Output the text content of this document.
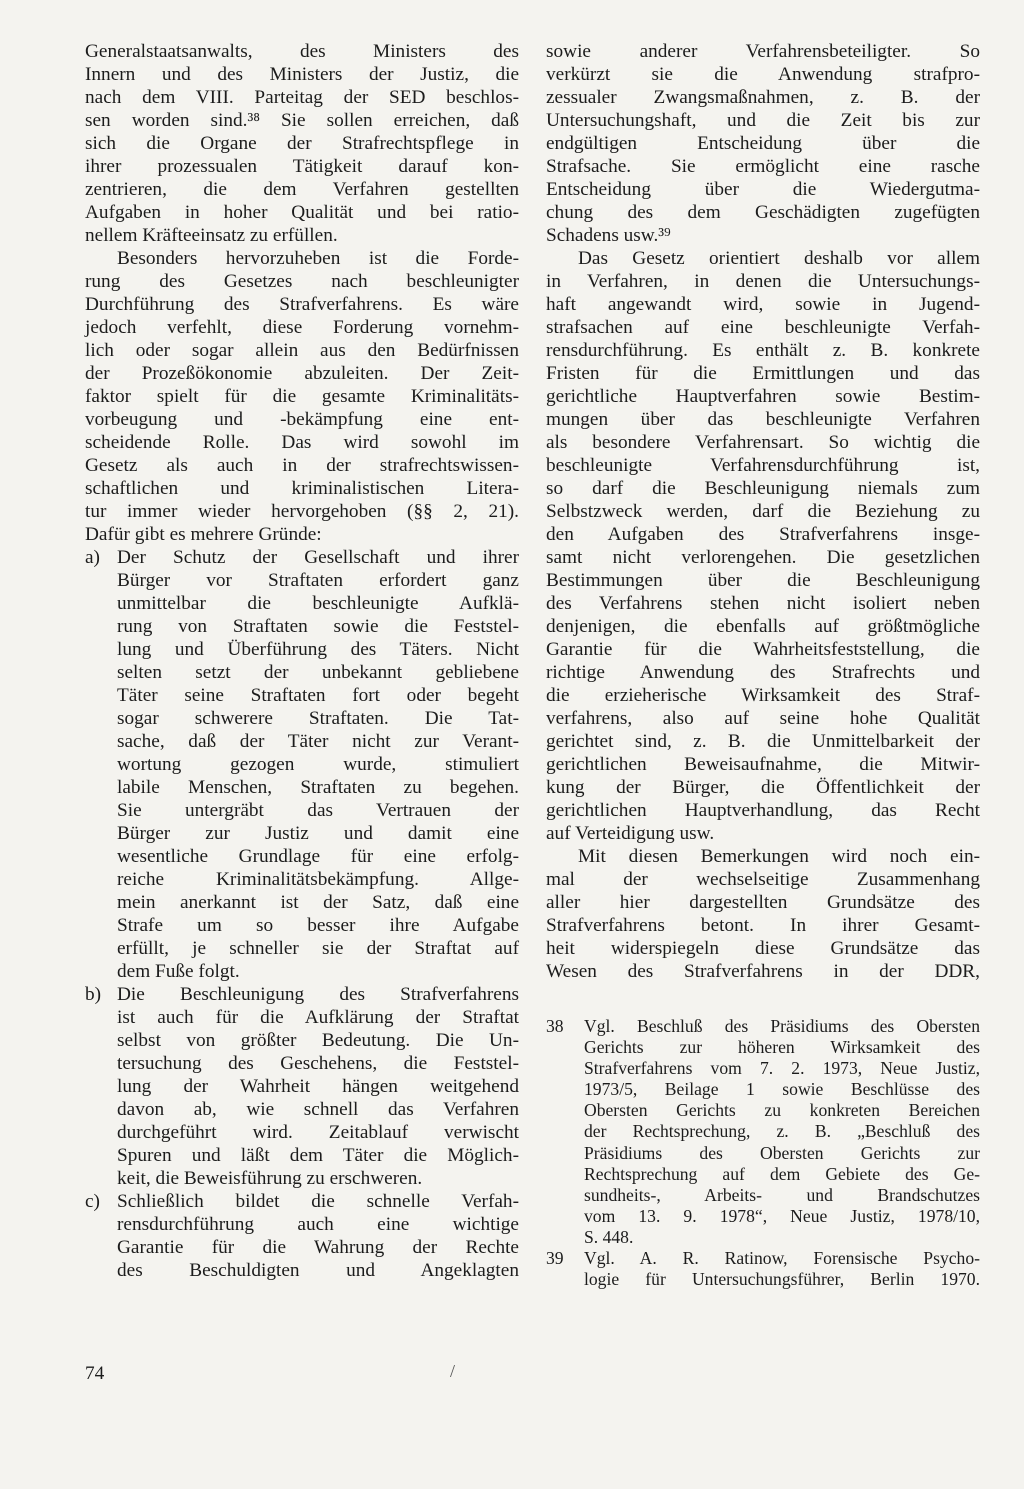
Generalstaatsanwalts, des Ministers des
Innern und des Ministers der Justiz, die
nach dem VIII. Parteitag der SED beschlos-
sen worden sind.³⁸ Sie sollen erreichen, daß
sich die Organe der Strafrechtspflege in
ihrer prozessualen Tätigkeit darauf kon-
zentrieren, die dem Verfahren gestellten
Aufgaben in hoher Qualität und bei ratio-
nellem Kräfteeinsatz zu erfüllen.
Besonders hervorzuheben ist die Forde-
rung des Gesetzes nach beschleunigter
Durchführung des Strafverfahrens. Es wäre
jedoch verfehlt, diese Forderung vornehm-
lich oder sogar allein aus den Bedürfnissen
der Prozeßökonomie abzuleiten. Der Zeit-
faktor spielt für die gesamte Kriminalitäts-
vorbeugung und -bekämpfung eine ent-
scheidende Rolle. Das wird sowohl im
Gesetz als auch in der strafrechtswissen-
schaftlichen und kriminalistischen Litera-
tur immer wieder hervorgehoben (§§ 2, 21).
Dafür gibt es mehrere Gründe:
a) Der Schutz der Gesellschaft und ihrer
Bürger vor Straftaten erfordert ganz
unmittelbar die beschleunigte Aufklä-
rung von Straftaten sowie die Feststel-
lung und Überführung des Täters. Nicht
selten setzt der unbekannt gebliebene
Täter seine Straftaten fort oder begeht
sogar schwerere Straftaten. Die Tat-
sache, daß der Täter nicht zur Verant-
wortung gezogen wurde, stimuliert
labile Menschen, Straftaten zu begehen.
Sie untergräbt das Vertrauen der
Bürger zur Justiz und damit eine
wesentliche Grundlage für eine erfolg-
reiche Kriminalitätsbekämpfung. Allge-
mein anerkannt ist der Satz, daß eine
Strafe um so besser ihre Aufgabe
erfüllt, je schneller sie der Straftat auf
dem Fuße folgt.
b) Die Beschleunigung des Strafverfahrens
ist auch für die Aufklärung der Straftat
selbst von größter Bedeutung. Die Un-
tersuchung des Geschehens, die Feststel-
lung der Wahrheit hängen weitgehend
davon ab, wie schnell das Verfahren
durchgeführt wird. Zeitablauf verwischt
Spuren und läßt dem Täter die Möglich-
keit, die Beweisführung zu erschweren.
c) Schließlich bildet die schnelle Verfah-
rensdurchführung auch eine wichtige
Garantie für die Wahrung der Rechte
des Beschuldigten und Angeklagten
sowie anderer Verfahrensbeteiligter. So
verkürzt sie die Anwendung strafpro-
zessualer Zwangsmaßnahmen, z. B. der
Untersuchungshaft, und die Zeit bis zur
endgültigen Entscheidung über die
Strafsache. Sie ermöglicht eine rasche
Entscheidung über die Wiedergutma-
chung des dem Geschädigten zugefügten
Schadens usw.³⁹
Das Gesetz orientiert deshalb vor allem
in Verfahren, in denen die Untersuchungs-
haft angewandt wird, sowie in Jugend-
strafsachen auf eine beschleunigte Verfah-
rensdurchführung. Es enthält z. B. konkrete
Fristen für die Ermittlungen und das
gerichtliche Hauptverfahren sowie Bestim-
mungen über das beschleunigte Verfahren
als besondere Verfahrensart. So wichtig die
beschleunigte Verfahrensdurchführung ist,
so darf die Beschleunigung niemals zum
Selbstzweck werden, darf die Beziehung zu
den Aufgaben des Strafverfahrens insge-
samt nicht verlorengehen. Die gesetzlichen
Bestimmungen über die Beschleunigung
des Verfahrens stehen nicht isoliert neben
denjenigen, die ebenfalls auf größtmögliche
Garantie für die Wahrheitsfeststellung, die
richtige Anwendung des Strafrechts und
die erzieherische Wirksamkeit des Straf-
verfahrens, also auf seine hohe Qualität
gerichtet sind, z. B. die Unmittelbarkeit der
gerichtlichen Beweisaufnahme, die Mitwir-
kung der Bürger, die Öffentlichkeit der
gerichtlichen Hauptverhandlung, das Recht
auf Verteidigung usw.
Mit diesen Bemerkungen wird noch ein-
mal der wechselseitige Zusammenhang
aller hier dargestellten Grundsätze des
Strafverfahrens betont. In ihrer Gesamt-
heit widerspiegeln diese Grundsätze das
Wesen des Strafverfahrens in der DDR,
38 Vgl. Beschluß des Präsidiums des Obersten
Gerichts zur höheren Wirksamkeit des
Strafverfahrens vom 7. 2. 1973, Neue Justiz,
1973/5, Beilage 1 sowie Beschlüsse des
Obersten Gerichts zu konkreten Bereichen
der Rechtsprechung, z. B. „Beschluß des
Präsidiums des Obersten Gerichts zur
Rechtsprechung auf dem Gebiete des Ge-
sundheits-, Arbeits- und Brandschutzes
vom 13. 9. 1978“, Neue Justiz, 1978/10,
S. 448.
39 Vgl. A. R. Ratinow, Forensische Psycho-
logie für Untersuchungsführer, Berlin 1970.
74	/
